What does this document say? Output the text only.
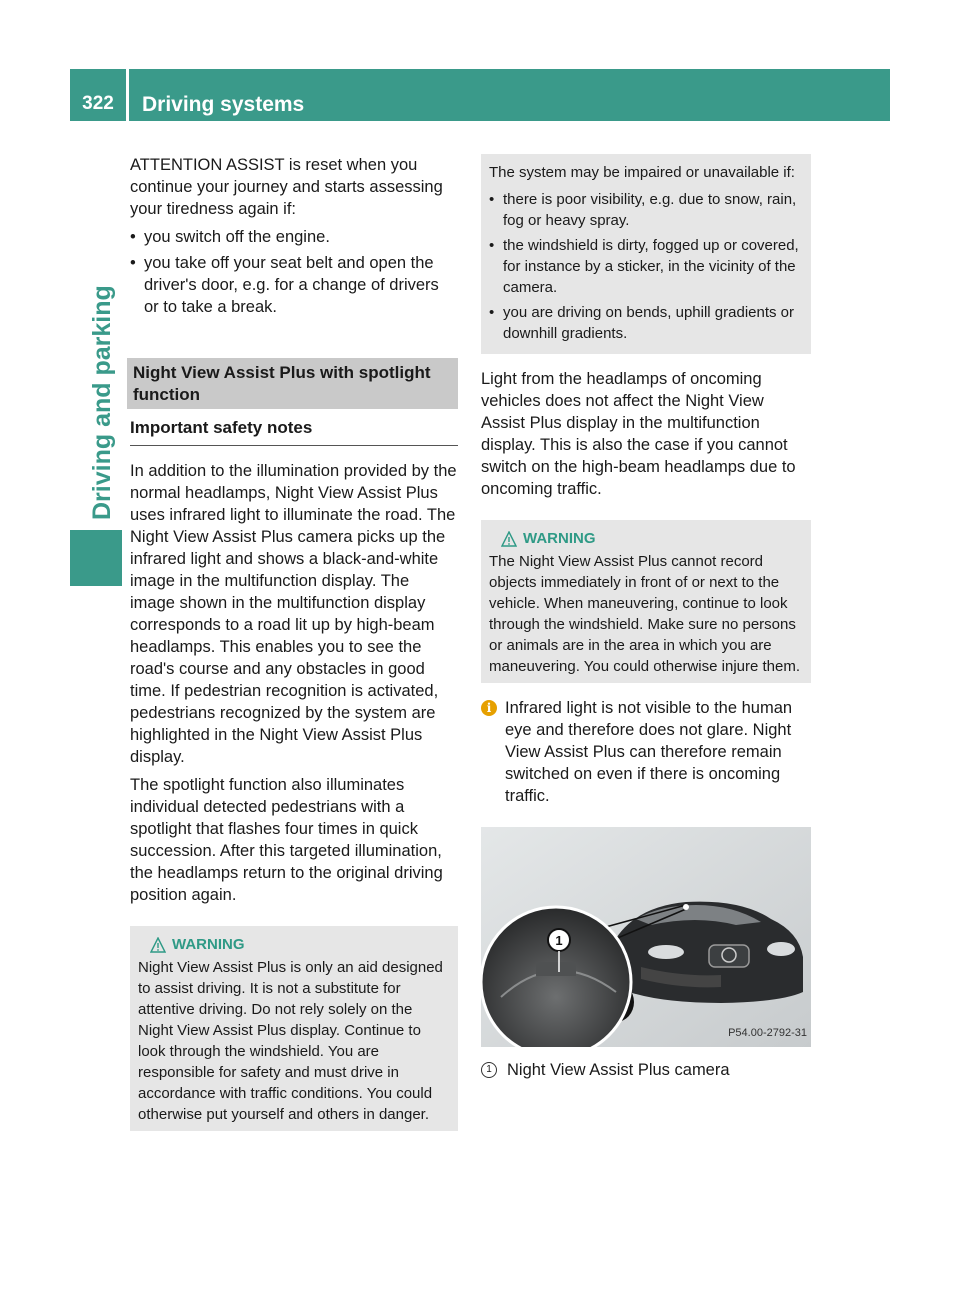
322	Driving systems
Driving and parking

ATTENTION ASSIST is reset when you continue your journey and starts assessing your tiredness again if:

• you switch off the engine.
• you take off your seat belt and open the driver's door, e.g. for a change of drivers or to take a break.
Night View Assist Plus with spotlight function
Important safety notes

In addition to the illumination provided by the normal headlamps, Night View Assist Plus uses infrared light to illuminate the road. The Night View Assist Plus camera picks up the infrared light and shows a black-and-white image in the multifunction display. The image shown in the multifunction display corresponds to a road lit up by high-beam headlamps. This enables you to see the road's course and any obstacles in good time. If pedestrian recognition is activated, pedestrians recognized by the system are highlighted in the Night View Assist Plus display.

The spotlight function also illuminates individual detected pedestrians with a spotlight that flashes four times in quick succession. After this targeted illumination, the headlamps return to the original driving position again.

WARNING
Night View Assist Plus is only an aid designed to assist driving. It is not a substitute for attentive driving. Do not rely solely on the Night View Assist Plus display. Continue to look through the windshield. You are responsible for safety and must drive in accordance with traffic conditions. You could otherwise put yourself and others in danger.

The system may be impaired or unavailable if:

• there is poor visibility, e.g. due to snow, rain, fog or heavy spray.
• the windshield is dirty, fogged up or covered, for instance by a sticker, in the vicinity of the camera.
• you are driving on bends, uphill gradients or downhill gradients.

Light from the headlamps of oncoming vehicles does not affect the Night View Assist Plus display in the multifunction display. This is also the case if you cannot switch on the high-beam headlamps due to oncoming traffic.

WARNING
The Night View Assist Plus cannot record objects immediately in front of or next to the vehicle. When maneuvering, continue to look through the windshield. Make sure no persons or animals are in the area in which you are maneuvering. You could otherwise injure them.
i Infrared light is not visible to the human eye and therefore does not glare. Night View Assist Plus can therefore remain switched on even if there is oncoming traffic.
1
P54.00-2792-31
1 Night View Assist Plus camera
